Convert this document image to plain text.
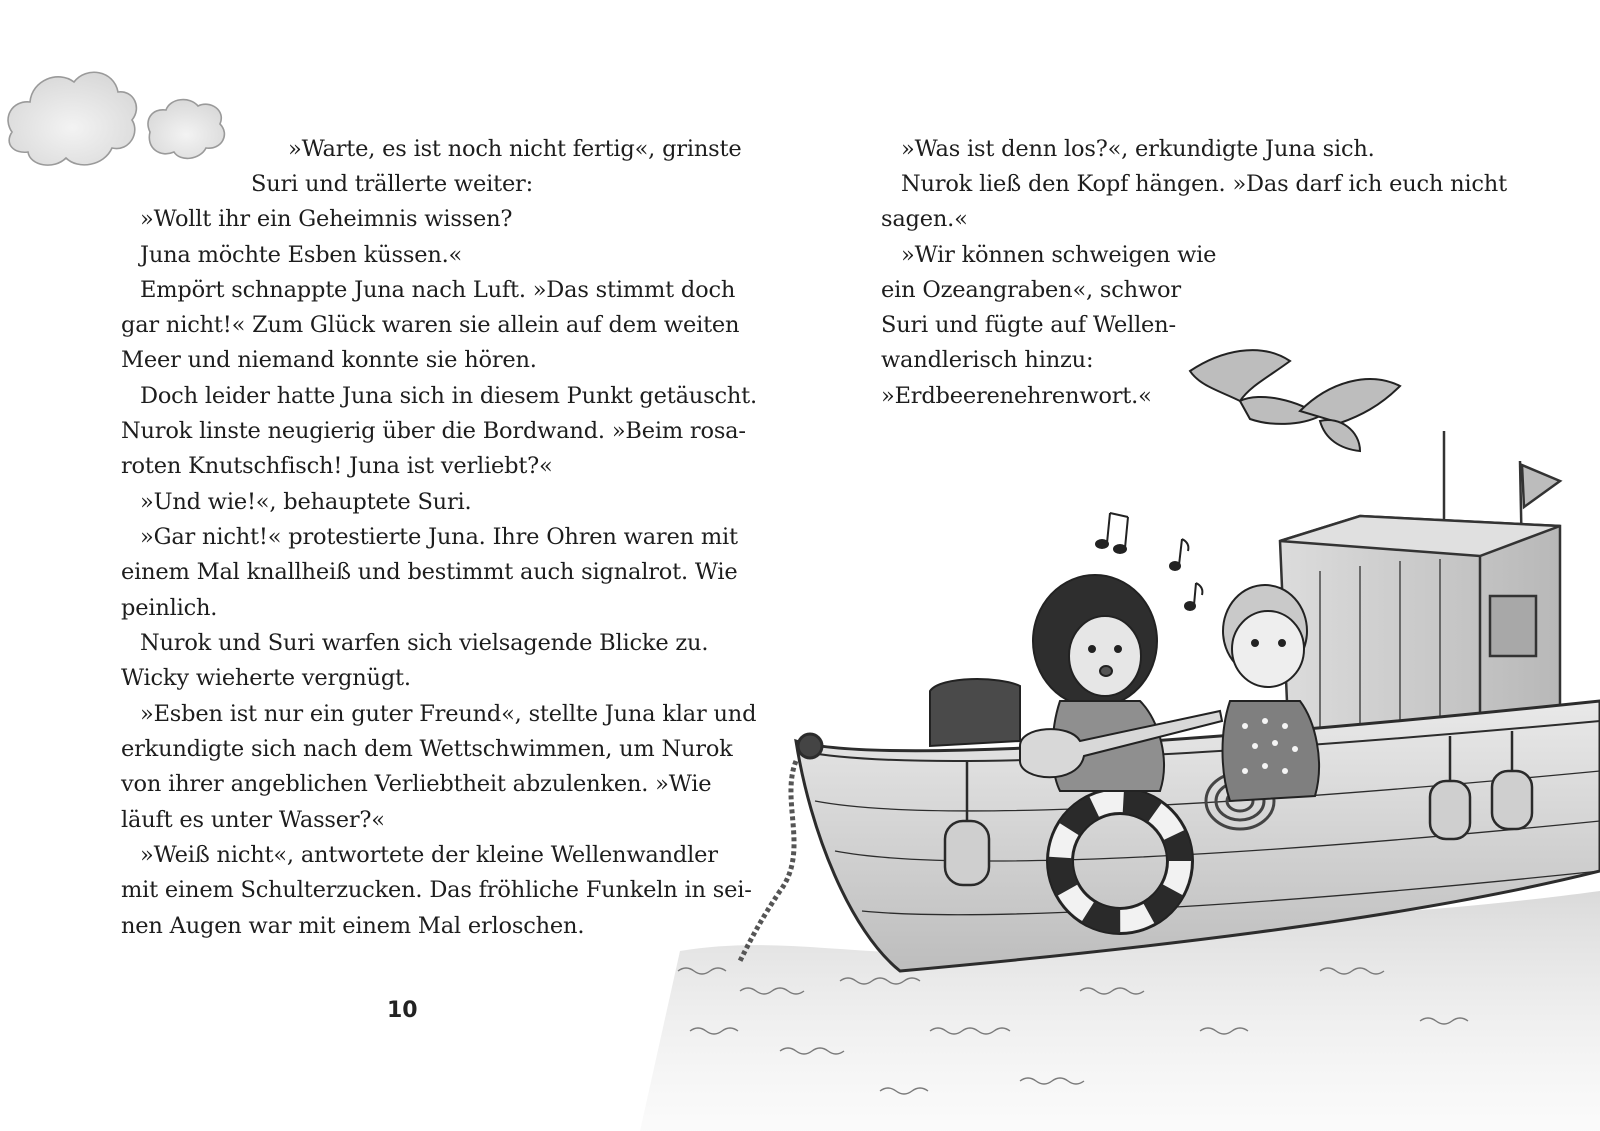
»Warte, es ist noch nicht fertig«, grinste
Suri und trällerte weiter:
»Wollt ihr ein Geheimnis wissen?
Juna möchte Esben küssen.«
Empört schnappte Juna nach Luft. »Das stimmt doch
gar nicht!« Zum Glück waren sie allein auf dem weiten
Meer und niemand konnte sie hören.
Doch leider hatte Juna sich in diesem Punkt getäuscht.
Nurok linste neugierig über die Bordwand. »Beim rosa-
roten Knutschfisch! Juna ist verliebt?«
»Und wie!«, behauptete Suri.
»Gar nicht!« protestierte Juna. Ihre Ohren waren mit
einem Mal knallheiß und bestimmt auch signalrot. Wie
peinlich.
Nurok und Suri warfen sich vielsagende Blicke zu.
Wicky wieherte vergnügt.
»Esben ist nur ein guter Freund«, stellte Juna klar und
erkundigte sich nach dem Wettschwimmen, um Nurok
von ihrer angeblichen Verliebtheit abzulenken. »Wie
läuft es unter Wasser?«
»Weiß nicht«, antwortete der kleine Wellenwandler
mit einem Schulterzucken. Das fröhliche Funkeln in sei-
nen Augen war mit einem Mal erloschen.
10
»Was ist denn los?«, erkundigte Juna sich.
Nurok ließ den Kopf hängen. »Das darf ich euch nicht
sagen.«
»Wir können schweigen wie
ein Ozeangraben«, schwor
Suri und fügte auf Wellen-
wandlerisch hinzu:
»Erdbeerenehrenwort.«
